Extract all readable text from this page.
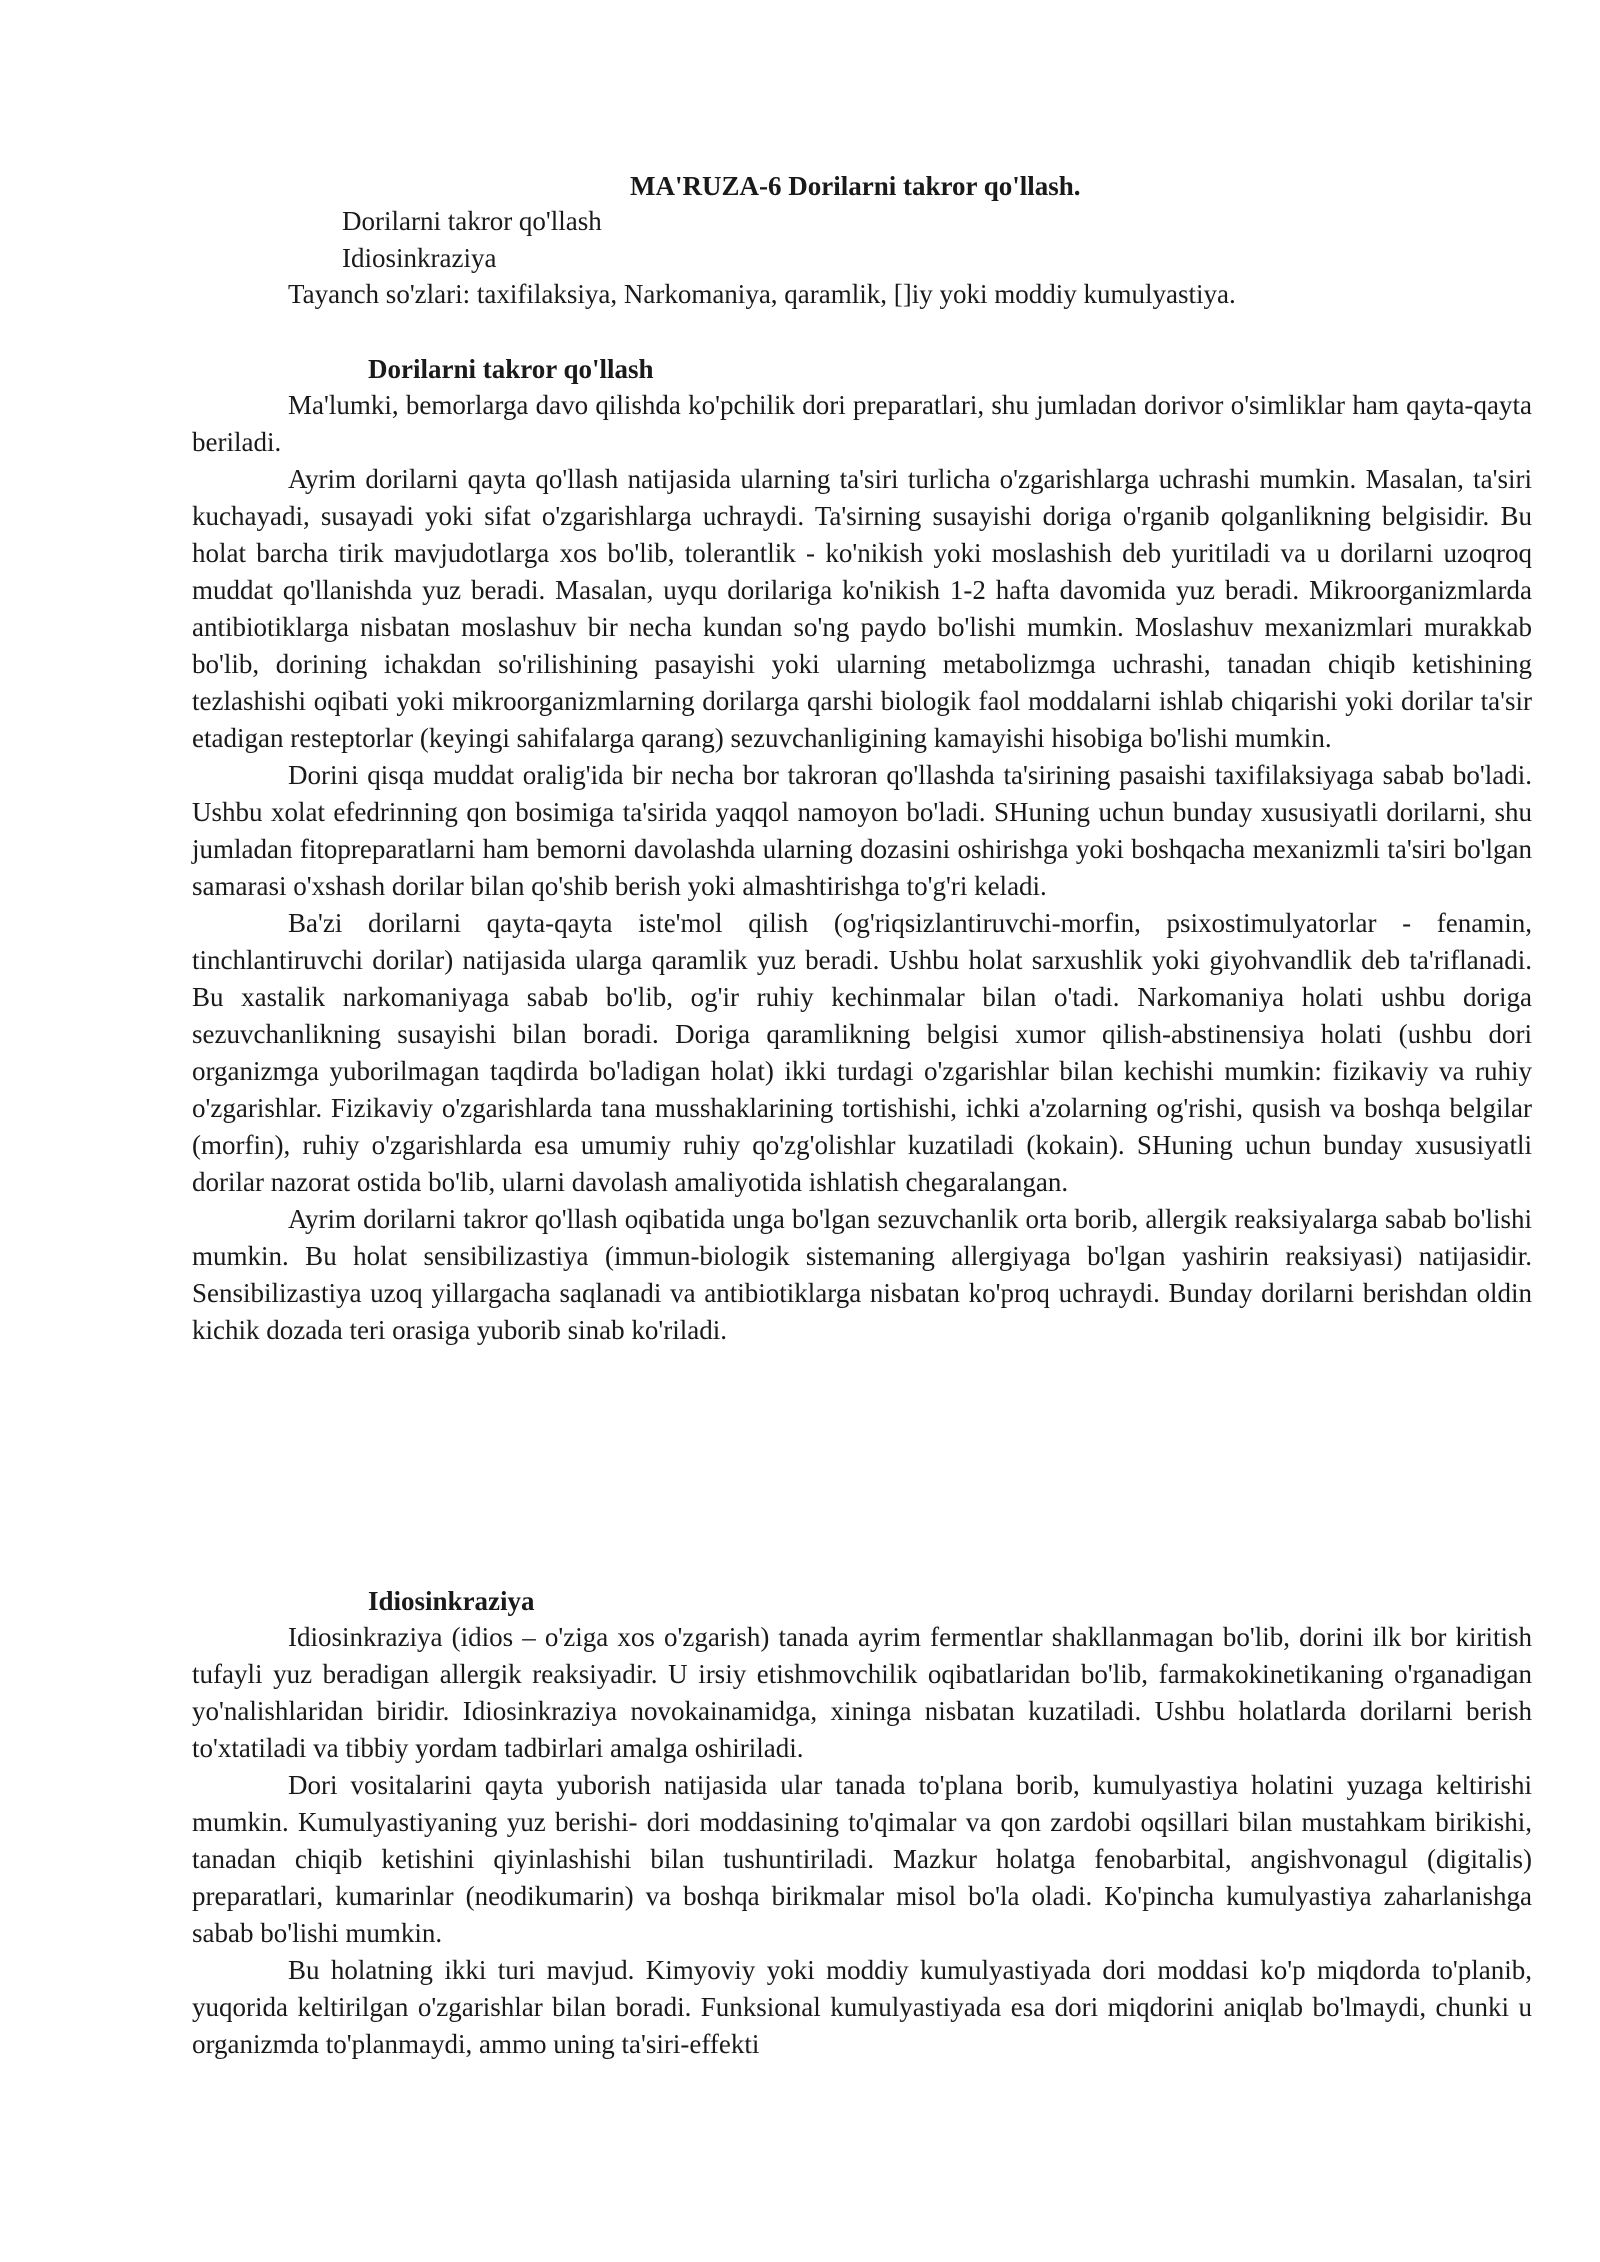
MA'RUZA-6 Dorilarni takror qo'llash.
Dorilarni takror qo'llash
Idiosinkraziya
Tayanch so'zlari: taxifilaksiya, Narkomaniya, qaramlik, []iy yoki moddiy kumulyastiya.
Dorilarni takror qo'llash

Ma'lumki, bemorlarga davo qilishda ko'pchilik dori preparatlari, shu jumladan dorivor o'simliklar ham qayta-qayta beriladi.

Ayrim dorilarni qayta qo'llash natijasida ularning ta'siri turlicha o'zgarishlarga uchrashi mumkin. Masalan, ta'siri kuchayadi, susayadi yoki sifat o'zgarishlarga uchraydi. Ta'sirning susayishi doriga o'rganib qolganlikning belgisidir. Bu holat barcha tirik mavjudotlarga xos bo'lib, tolerantlik - ko'nikish yoki moslashish deb yuritiladi va u dorilarni uzoqroq muddat qo'llanishda yuz beradi. Masalan, uyqu dorilariga ko'nikish 1-2 hafta davomida yuz beradi. Mikroorganizmlarda antibiotiklarga nisbatan moslashuv bir necha kundan so'ng paydo bo'lishi mumkin. Moslashuv mexanizmlari murakkab bo'lib, dorining ichakdan so'rilishining pasayishi yoki ularning metabolizmga uchrashi, tanadan chiqib ketishining tezlashishi oqibati yoki mikroorganizmlarning dorilarga qarshi biologik faol moddalarni ishlab chiqarishi yoki dorilar ta'sir etadigan resteptorlar (keyingi sahifalarga qarang) sezuvchanligining kamayishi hisobiga bo'lishi mumkin.

Dorini qisqa muddat oralig'ida bir necha bor takroran qo'llashda ta'sirining pasaishi taxifilaksiyaga sabab bo'ladi. Ushbu xolat efedrinning qon bosimiga ta'sirida yaqqol namoyon bo'ladi. SHuning uchun bunday xususiyatli dorilarni, shu jumladan fitopreparatlarni ham bemorni davolashda ularning dozasini oshirishga yoki boshqacha mexanizmli ta'siri bo'lgan samarasi o'xshash dorilar bilan qo'shib berish yoki almashtirishga to'g'ri keladi.

Ba'zi dorilarni qayta-qayta iste'mol qilish (og'riqsizlantiruvchi-morfin, psixostimulyatorlar - fenamin, tinchlantiruvchi dorilar) natijasida ularga qaramlik yuz beradi. Ushbu holat sarxushlik yoki giyohvandlik deb ta'riflanadi. Bu xastalik narkomaniyaga sabab bo'lib, og'ir ruhiy kechinmalar bilan o'tadi. Narkomaniya holati ushbu doriga sezuvchanlikning susayishi bilan boradi. Doriga qaramlikning belgisi xumor qilish-abstinensiya holati (ushbu dori organizmga yuborilmagan taqdirda bo'ladigan holat) ikki turdagi o'zgarishlar bilan kechishi mumkin: fizikaviy va ruhiy o'zgarishlar. Fizikaviy o'zgarishlarda tana musshaklarining tortishishi, ichki a'zolarning og'rishi, qusish va boshqa belgilar (morfin), ruhiy o'zgarishlarda esa umumiy ruhiy qo'zg'olishlar kuzatiladi (kokain). SHuning uchun bunday xususiyatli dorilar nazorat ostida bo'lib, ularni davolash amaliyotida ishlatish chegaralangan.

Ayrim dorilarni takror qo'llash oqibatida unga bo'lgan sezuvchanlik orta borib, allergik reaksiyalarga sabab bo'lishi mumkin. Bu holat sensibilizastiya (immun-biologik sistemaning allergiyaga bo'lgan yashirin reaksiyasi) natijasidir. Sensibilizastiya uzoq yillargacha saqlanadi va antibiotiklarga nisbatan ko'proq uchraydi. Bunday dorilarni berishdan oldin kichik dozada teri orasiga yuborib sinab ko'riladi.

Idiosinkraziya

Idiosinkraziya (idios – o'ziga xos o'zgarish) tanada ayrim fermentlar shakllanmagan bo'lib, dorini ilk bor kiritish tufayli yuz beradigan allergik reaksiyadir. U irsiy etishmovchilik oqibatlaridan bo'lib, farmakokinetikaning o'rganadigan yo'nalishlaridan biridir. Idiosinkraziya novokainamidga, xininga nisbatan kuzatiladi. Ushbu holatlarda dorilarni berish to'xtatiladi va tibbiy yordam tadbirlari amalga oshiriladi.

Dori vositalarini qayta yuborish natijasida ular tanada to'plana borib, kumulyastiya holatini yuzaga keltirishi mumkin. Kumulyastiyaning yuz berishi- dori moddasining to'qimalar va qon zardobi oqsillari bilan mustahkam birikishi, tanadan chiqib ketishini qiyinlashishi bilan tushuntiriladi. Mazkur holatga fenobarbital, angishvonagul (digitalis) preparatlari, kumarinlar (neodikumarin) va boshqa birikmalar misol bo'la oladi. Ko'pincha kumulyastiya zaharlanishga sabab bo'lishi mumkin.

Bu holatning ikki turi mavjud. Kimyoviy yoki moddiy kumulyastiyada dori moddasi ko'p miqdorda to'planib, yuqorida keltirilgan o'zgarishlar bilan boradi. Funksional kumulyastiyada esa dori miqdorini aniqlab bo'lmaydi, chunki u organizmda to'planmaydi, ammo uning ta'siri-effekti
